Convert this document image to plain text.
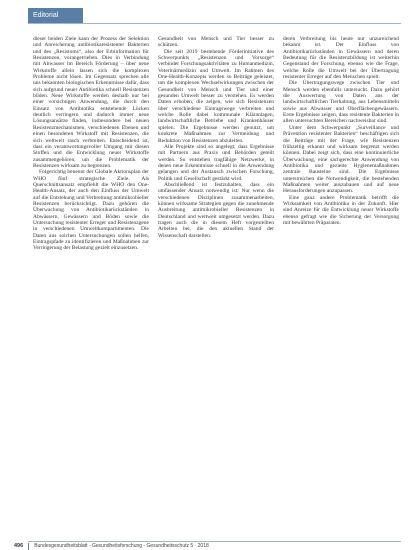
Editorial

dieser beiden Ziele kann der Prozess der Selektion und Anreicherung antibiotikaresistenter Bakterien und des „Resistoms“, also der Erbinformation für Resistenzen, vorangetrieben. Dies in Verbindung mit Abwasser im Bereich Förderung – über neue Wirkstoffe allein lassen sich die komplexen Probleme nicht lösen. Im Gegensatz sprechen alle uns bekannten biologischen Erkenntnisse dafür, dass sich aufgrund neuer Antibiotika schnell Resistenzen bilden. Neue Wirkstoffe werden deshalb nur bei einer vorsichtigen Anwendung, die durch den Einsatz von Antibiotika entstehende Lücken deutlich verringern und dadurch immer neue Lösungsansätze finden, insbesondere bei neuen Resistenzmechanismen, verschiedenen Ebenen und einen besonderen Wirkstoff mit Resistenzen, die sich weltweit rasch verbreiten. Entscheidend ist, dass ein verantwortungsvoller Umgang mit diesen Stoffen und die Entwicklung neuer Wirkstoffe zusammengehören, um die Problematik der Resistenzen wirksam zu begrenzen.

Folgerichtig benennt der Globale Aktionsplan der WHO fünf strategische Ziele. Als Querschnittsansatz empfiehlt die WHO den One-Health-Ansatz, der auch den Einfluss der Umwelt auf die Entstehung und Verbreitung antimikrobieller Resistenzen berücksichtigt. Dazu gehören die Überwachung von Antibiotikarückständen in Abwässern, Gewässern und Böden sowie die Untersuchung resistenter Erreger und Resistenzgene in verschiedenen Umweltkompartimenten. Die Daten aus solchen Untersuchungen sollen helfen, Eintragspfade zu identifizieren und Maßnahmen zur Verringerung der Belastung gezielt einzusetzen.

Gesundheit von Mensch und Tier besser zu schützen.

Die seit 2019 bestehende Förderinitiative des Schwerpunkts „Resistenzen und Vorsorge“ verbindet Forschungsaktivitäten zu Humanmedizin, Veterinärmedizin und Umwelt. Im Rahmen des One-Health-Konzepts werden so Beiträge geleistet, um die komplexen Wechselwirkungen zwischen der Gesundheit von Mensch und Tier und einer gesunden Umwelt besser zu verstehen. Es werden Daten erhoben, die zeigen, wie sich Resistenzen über verschiedene Eintragswege verbreiten und welche Rolle dabei kommunale Kläranlagen, landwirtschaftliche Betriebe und Krankenhäuser spielen. Die Ergebnisse werden genutzt, um konkrete Maßnahmen zur Vermeidung und Reduktion von Resistenzen abzuleiten.

Alle Projekte sind so angelegt, dass Ergebnisse mit Partnern aus Praxis und Behörden geteilt werden. So entstehen tragfähige Netzwerke, in denen neue Erkenntnisse schnell in die Anwendung gelangen und der Austausch zwischen Forschung, Politik und Gesellschaft gestärkt wird.

Abschließend ist festzuhalten, dass ein umfassender Ansatz notwendig ist: Nur wenn die verschiedenen Disziplinen zusammenarbeiten, können wirksame Strategien gegen die zunehmende Ausbreitung antimikrobieller Resistenzen in Deutschland und weltweit umgesetzt werden. Dazu tragen auch die in diesem Heft vorgestellten Arbeiten bei, die den aktuellen Stand der Wissenschaft darstellen.

deren Verbreitung bis heute nur unzureichend bekannt ist. Der Einfluss von Antibiotikarückständen in Gewässern und deren Bedeutung für die Resistenzbildung ist weiterhin Gegenstand der Forschung, ebenso wie die Frage, welche Rolle die Umwelt bei der Übertragung resistenter Erreger auf den Menschen spielt.

Die Übertragungswege zwischen Tier und Mensch werden ebenfalls untersucht. Dazu gehört die Auswertung von Daten aus der landwirtschaftlichen Tierhaltung, aus Lebensmitteln sowie aus Abwasser und Oberflächengewässern. Erste Ergebnisse zeigen, dass resistente Bakterien in allen untersuchten Bereichen nachweisbar sind.

Unter dem Schwerpunkt „Surveillance und Prävention resistenter Bakterien“ beschäftigen sich die Beiträge mit der Frage, wie Resistenzen frühzeitig erkannt und wirksam begrenzt werden können. Dabei zeigt sich, dass eine kontinuierliche Überwachung, eine sachgerechte Anwendung von Antibiotika und gezielte Hygienemaßnahmen zentrale Bausteine sind. Die Ergebnisse unterstreichen die Notwendigkeit, die bestehenden Maßnahmen weiter auszubauen und auf neue Herausforderungen anzupassen.

Eine ganz andere Problematik betrifft die Wirksamkeit von Antibiotika in der Zukunft. Hier sind Anreize für die Entwicklung neuer Wirkstoffe ebenso gefragt wie die Sicherung der Versorgung mit bewährten Präparaten.

496 Bundesgesundheitsblatt - Gesundheitsforschung - Gesundheitsschutz 5 · 2018
